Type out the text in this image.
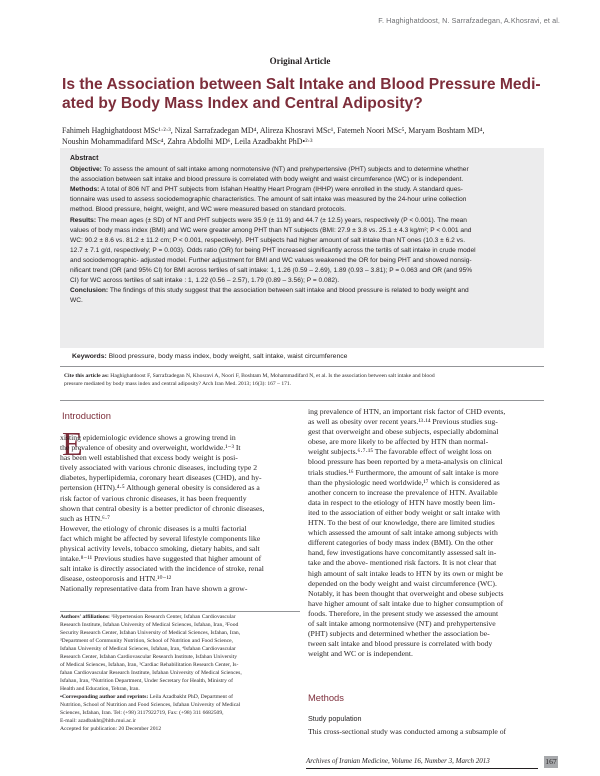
F. Haghighatdoost, N. Sarrafzadegan, A.Khosravi, et al.
Original Article
Is the Association between Salt Intake and Blood Pressure Medi-
ated by Body Mass Index and Central Adiposity?
Fahimeh Haghighatdoost MSc¹·²·³, Nizal Sarrafzadegan MD⁴, Alireza Khosravi MSc¹, Fatemeh Noori MSc⁵, Maryam Boshtam MD⁴,
Noushin Mohammadifard MSc⁴, Zahra Abdolhi MD⁶, Leila Azadbakht PhD•²·³
Abstract
Objective: To assess the amount of salt intake among normotensive (NT) and prehypertensive (PHT) subjects and to determine whether
the association between salt intake and blood pressure is correlated with body weight and waist circumference (WC) or is independent.
Methods: A total of 806 NT and PHT subjects from Isfahan Healthy Heart Program (IHHP) were enrolled in the study. A standard ques-
tionnaire was used to assess sociodemographic characteristics. The amount of salt intake was measured by the 24-hour urine collection
method. Blood pressure, height, weight, and WC were measured based on standard protocols.
Results: The mean ages (± SD) of NT and PHT subjects were 35.9 (± 11.9) and 44.7 (± 12.5) years, respectively (P < 0.001). The mean
values of body mass index (BMI) and WC were greater among PHT than NT subjects (BMI: 27.9 ± 3.8 vs. 25.1 ± 4.3 kg/m²; P < 0.001 and
WC: 90.2 ± 8.6 vs. 81.2 ± 11.2 cm; P < 0.001, respectively). PHT subjects had higher amount of salt intake than NT ones (10.3 ± 6.2 vs.
12.7 ± 7.1 g/d, respectively; P = 0.003). Odds ratio (OR) for being PHT increased significantly across the tertils of salt intake in crude model
and sociodemographic- adjusted model. Further adjustment for BMI and WC values weakened the OR for being PHT and showed nonsig-
nificant trend (OR (and 95% CI) for BMI across tertiles of salt intake: 1, 1.26 (0.59 – 2.69), 1.89 (0.93 – 3.81); P = 0.063 and OR (and 95%
CI) for WC across tertiles of salt intake : 1, 1.22 (0.56 – 2.57), 1.79 (0.89 – 3.56); P = 0.082).
Conclusion: The findings of this study suggest that the association between salt intake and blood pressure is related to body weight and
WC.
Keywords: Blood pressure, body mass index, body weight, salt intake, waist circumference
Cite this article as: Haghighatdoost F, Sarrafzadegan N, Khosravi A, Noori F, Boshtam M, Mohammadifard N, et al. Is the association between salt intake and blood
pressure mediated by body mass index and central adiposity? Arch Iran Med. 2013; 16(3): 167 – 171.
Introduction
E
xisting epidemiologic evidence shows a growing trend in
the prevalence of obesity and overweight, worldwide.¹⁻³ It
has been well established that excess body weight is posi-
tively associated with various chronic diseases, including type 2
diabetes, hyperlipidemia, coronary heart diseases (CHD), and hy-
pertension (HTN).⁴·⁵ Although general obesity is considered as a
risk factor of various chronic diseases, it has been frequently
shown that central obesity is a better predictor of chronic diseases,
such as HTN.⁶·⁷
However, the etiology of chronic diseases is a multi factorial
fact which might be affected by several lifestyle components like
physical activity levels, tobacco smoking, dietary habits, and salt
intake.⁸⁻¹¹ Previous studies have suggested that higher amount of
salt intake is directly associated with the incidence of stroke, renal
disease, osteoporosis and HTN.¹⁰⁻¹²
Nationally representative data from Iran have shown a grow-
Authors' affiliations: ¹Hypertension Research Center, Isfahan Cardiovascular
Research Institute, Isfahan University of Medical Sciences, Isfahan, Iran, ²Food
Security Research Center, Isfahan University of Medical Sciences, Isfahan, Iran,
³Department of Community Nutrition, School of Nutrition and Food Science,
Isfahan University of Medical Sciences, Isfahan, Iran, ⁴Isfahan Cardiovascular
Research Center, Isfahan Cardiovascular Research Institute, Isfahan University
of Medical Sciences, Isfahan, Iran, ⁵Cardiac Rehabilitation Research Center, Is-
fahan Cardiovascular Research Institute, Isfahan University of Medical Sciences,
Isfahan, Iran, ⁶Nutrition Department, Under Secretary for Health, Ministry of
Health and Education, Tehran, Iran.
•Corresponding author and reprints: Leila Azadbakht PhD, Department of
Nutrition, School of Nutrition and Food Sciences, Isfahan University of Medical
Sciences, Isfahan, Iran. Tel: (+98) 3117922719, Fax: (+98) 311 6682509,
E-mail: azadbakht@hlth.mui.ac.ir
Accepted for publication: 20 December 2012
ing prevalence of HTN, an important risk factor of CHD events,
as well as obesity over recent years.¹³·¹⁴ Previous studies sug-
gest that overweight and obese subjects, especially abdominal
obese, are more likely to be affected by HTN than normal-
weight subjects.⁶·⁷·¹⁵ The favorable effect of weight loss on
blood pressure has been reported by a meta-analysis on clinical
trials studies.¹⁶ Furthermore, the amount of salt intake is more
than the physiologic need worldwide,¹⁷ which is considered as
another concern to increase the prevalence of HTN. Available
data in respect to the etiology of HTN have mostly been lim-
ited to the association of either body weight or salt intake with
HTN. To the best of our knowledge, there are limited studies
which assessed the amount of salt intake among subjects with
different categories of body mass index (BMI). On the other
hand, few investigations have concomitantly assessed salt in-
take and the above- mentioned risk factors. It is not clear that
high amount of salt intake leads to HTN by its own or might be
depended on the body weight and waist circumference (WC).
Notably, it has been thought that overweight and obese subjects
have higher amount of salt intake due to higher consumption of
foods. Therefore, in the present study we assessed the amount
of salt intake among normotensive (NT) and prehypertensive
(PHT) subjects and determined whether the association be-
tween salt intake and blood pressure is correlated with body
weight and WC or is independent.
Methods
Study population
This cross-sectional study was conducted among a subsample of
Archives of Iranian Medicine, Volume 16, Number 3, March 2013	167
